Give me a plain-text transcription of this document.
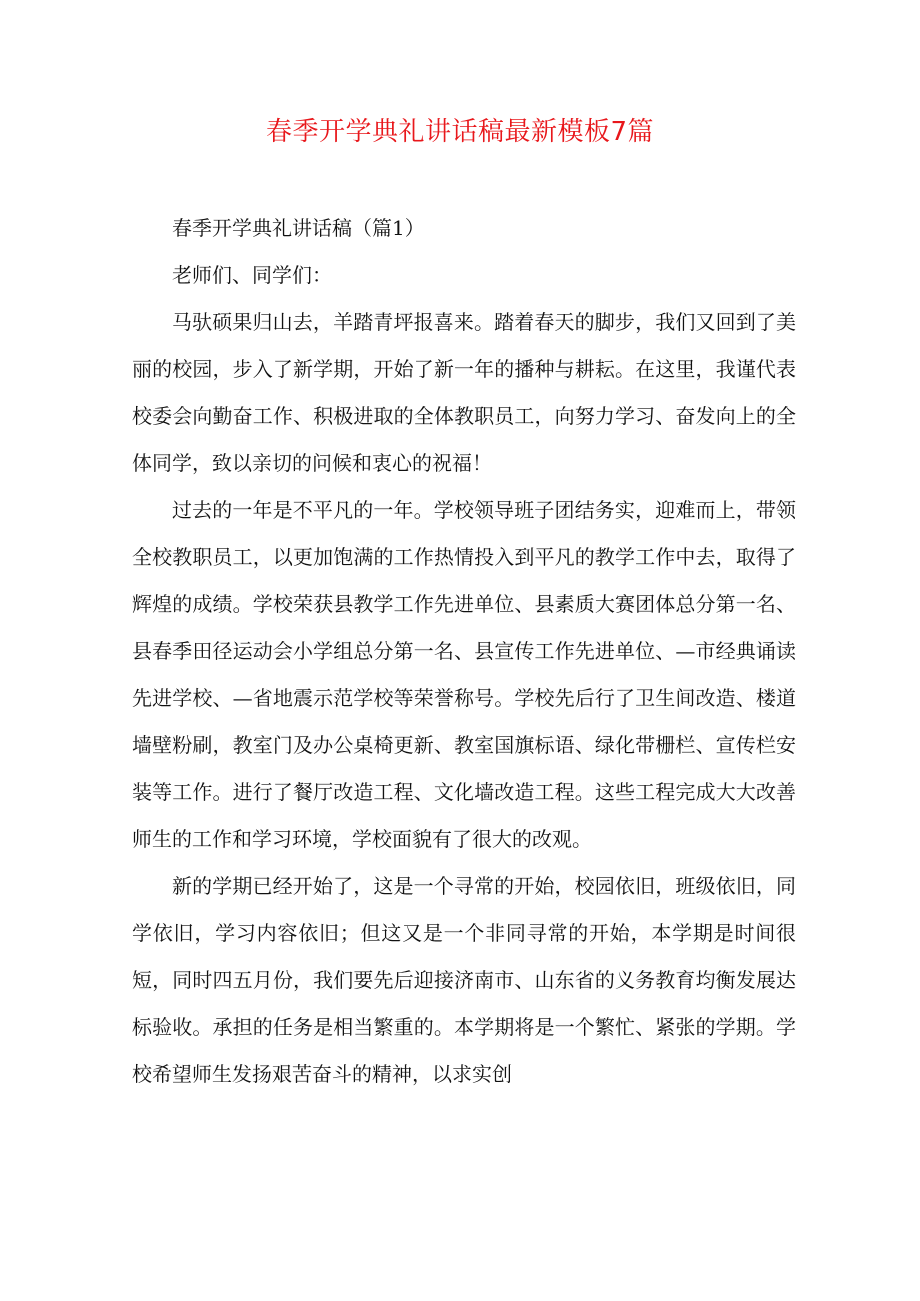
春季开学典礼讲话稿最新模板7篇

春季开学典礼讲话稿（篇1）

老师们、同学们：

马驮硕果归山去，羊踏青坪报喜来。踏着春天的脚步，我们又回到了美丽的校园，步入了新学期，开始了新一年的播种与耕耘。在这里，我谨代表校委会向勤奋工作、积极进取的全体教职员工，向努力学习、奋发向上的全体同学，致以亲切的问候和衷心的祝福！

过去的一年是不平凡的一年。学校领导班子团结务实，迎难而上，带领全校教职员工，以更加饱满的工作热情投入到平凡的教学工作中去，取得了辉煌的成绩。学校荣获县教学工作先进单位、县素质大赛团体总分第一名、县春季田径运动会小学组总分第一名、县宣传工作先进单位、—市经典诵读先进学校、—省地震示范学校等荣誉称号。学校先后行了卫生间改造、楼道墙壁粉刷，教室门及办公桌椅更新、教室国旗标语、绿化带栅栏、宣传栏安装等工作。进行了餐厅改造工程、文化墙改造工程。这些工程完成大大改善师生的工作和学习环境，学校面貌有了很大的改观。

新的学期已经开始了，这是一个寻常的开始，校园依旧，班级依旧，同学依旧，学习内容依旧；但这又是一个非同寻常的开始，本学期是时间很短，同时四五月份，我们要先后迎接济南市、山东省的义务教育均衡发展达标验收。承担的任务是相当繁重的。本学期将是一个繁忙、紧张的学期。学校希望师生发扬艰苦奋斗的精神，以求实创
